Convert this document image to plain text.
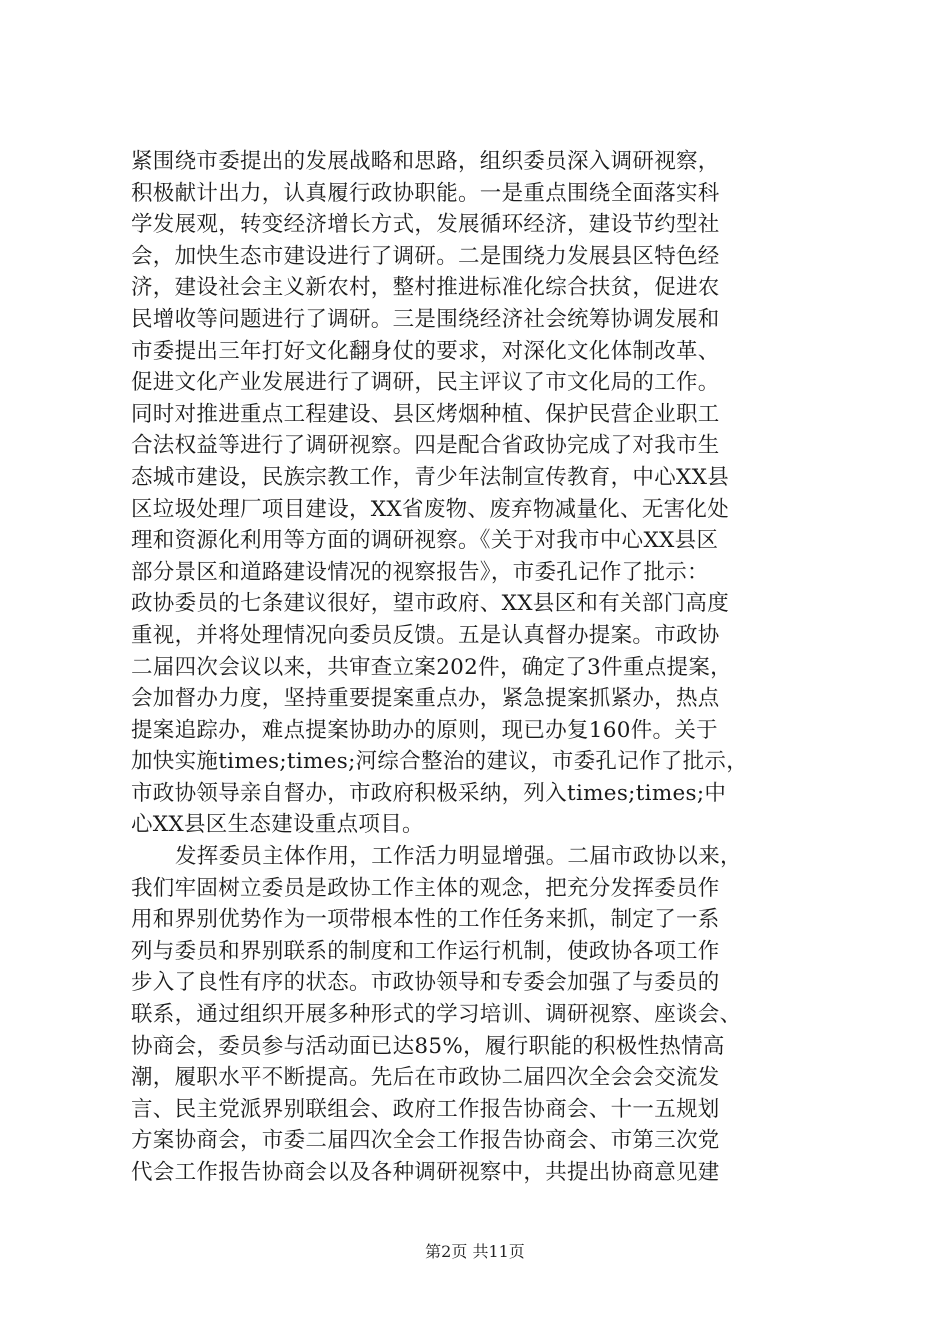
紧围绕市委提出的发展战略和思路，组织委员深入调研视察，
积极献计出力，认真履行政协职能。一是重点围绕全面落实科
学发展观，转变经济增长方式，发展循环经济，建设节约型社
会，加快生态市建设进行了调研。二是围绕力发展县区特色经
济，建设社会主义新农村，整村推进标准化综合扶贫，促进农
民增收等问题进行了调研。三是围绕经济社会统筹协调发展和
市委提出三年打好文化翻身仗的要求，对深化文化体制改革、
促进文化产业发展进行了调研，民主评议了市文化局的工作。
同时对推进重点工程建设、县区烤烟种植、保护民营企业职工
合法权益等进行了调研视察。四是配合省政协完成了对我市生
态城市建设，民族宗教工作，青少年法制宣传教育，中心XX县
区垃圾处理厂项目建设，XX省废物、废弃物减量化、无害化处
理和资源化利用等方面的调研视察。《关于对我市中心XX县区
部分景区和道路建设情况的视察报告》，市委孔记作了批示：
政协委员的七条建议很好，望市政府、XX县区和有关部门高度
重视，并将处理情况向委员反馈。五是认真督办提案。市政协
二届四次会议以来，共审查立案202件，确定了3件重点提案，
会加督办力度，坚持重要提案重点办，紧急提案抓紧办，热点
提案追踪办，难点提案协助办的原则，现已办复160件。关于
加快实施times;times;河综合整治的建议，市委孔记作了批示，
市政协领导亲自督办，市政府积极采纳，列入times;times;中
心XX县区生态建设重点项目。
发挥委员主体作用，工作活力明显增强。二届市政协以来，
我们牢固树立委员是政协工作主体的观念，把充分发挥委员作
用和界别优势作为一项带根本性的工作任务来抓，制定了一系
列与委员和界别联系的制度和工作运行机制，使政协各项工作
步入了良性有序的状态。市政协领导和专委会加强了与委员的
联系，通过组织开展多种形式的学习培训、调研视察、座谈会、
协商会，委员参与活动面已达85%，履行职能的积极性热情高
潮，履职水平不断提高。先后在市政协二届四次全会会交流发
言、民主党派界别联组会、政府工作报告协商会、十一五规划
方案协商会，市委二届四次全会工作报告协商会、市第三次党
代会工作报告协商会以及各种调研视察中，共提出协商意见建
第2页 共11页
